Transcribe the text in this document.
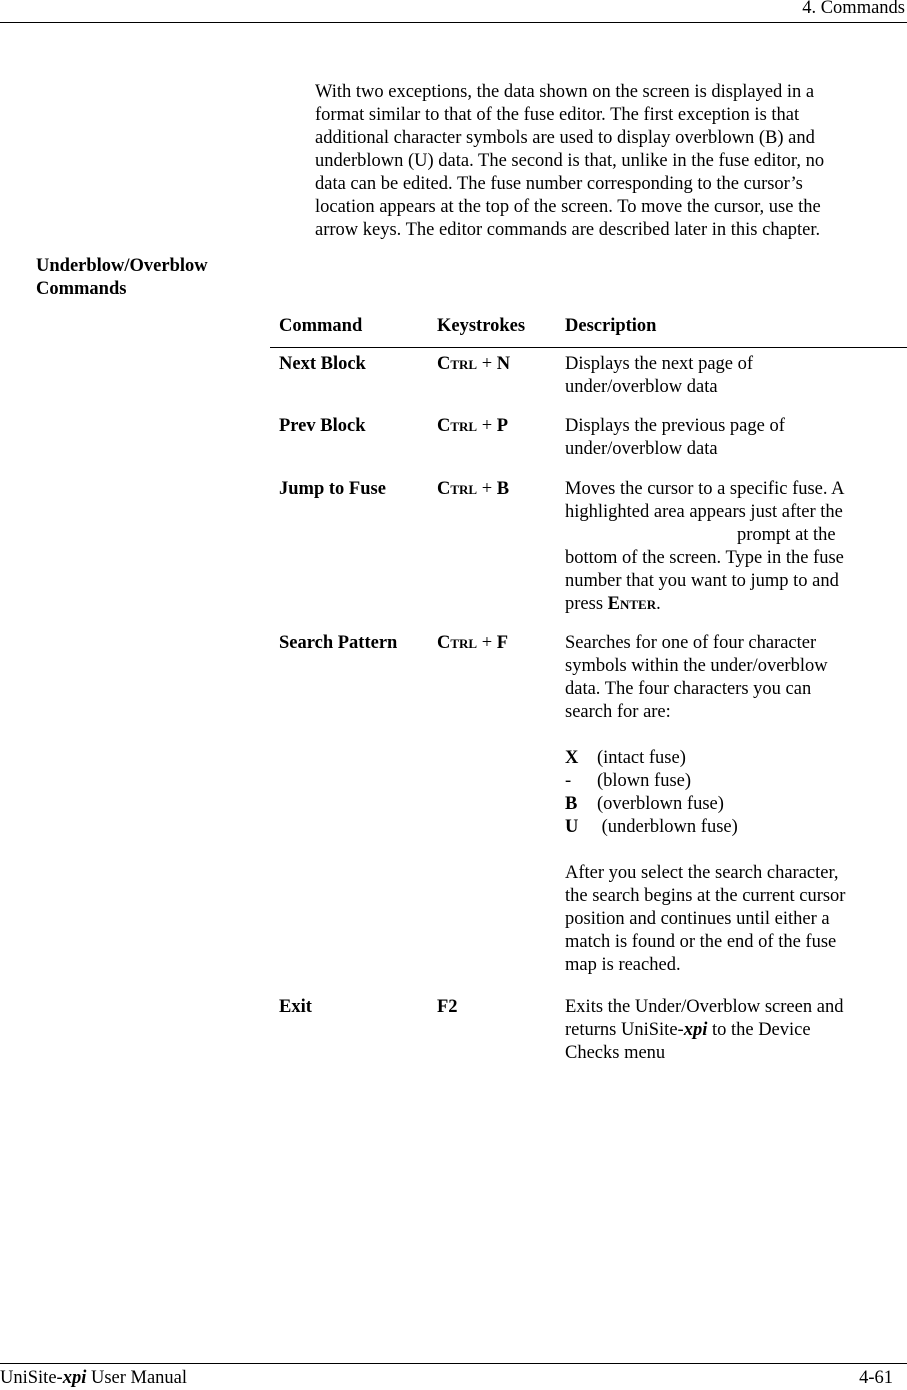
4. Commands
With two exceptions, the data shown on the screen is displayed in a
format similar to that of the fuse editor. The first exception is that
additional character symbols are used to display overblown (B) and
underblown (U) data. The second is that, unlike in the fuse editor, no
data can be edited. The fuse number corresponding to the cursor’s
location appears at the top of the screen. To move the cursor, use the
arrow keys. The editor commands are described later in this chapter.
Underblow/Overblow
Commands
Command	Keystrokes Description
Next Block	Ctrl + N	Displays the next page of
under/overblow data
Prev Block	Ctrl + P	Displays the previous page of
under/overblow data
Jump to Fuse	Ctrl + B	Moves the cursor to a specific fuse. A
highlighted area appears just after the
prompt at the
bottom of the screen. Type in the fuse
number that you want to jump to and
press Enter.
Search Pattern Ctrl + F	Searches for one of four character
symbols within the under/overblow
data. The four characters you can
search for are:
X (intact fuse)
- (blown fuse)
B (overblown fuse)
U (underblown fuse)
After you select the search character,
the search begins at the current cursor
position and continues until either a
match is found or the end of the fuse
map is reached.
Exit	F2	Exits the Under/Overblow screen and
returns UniSite-xpi to the Device
Checks menu
UniSite-xpi User Manual	4-61
